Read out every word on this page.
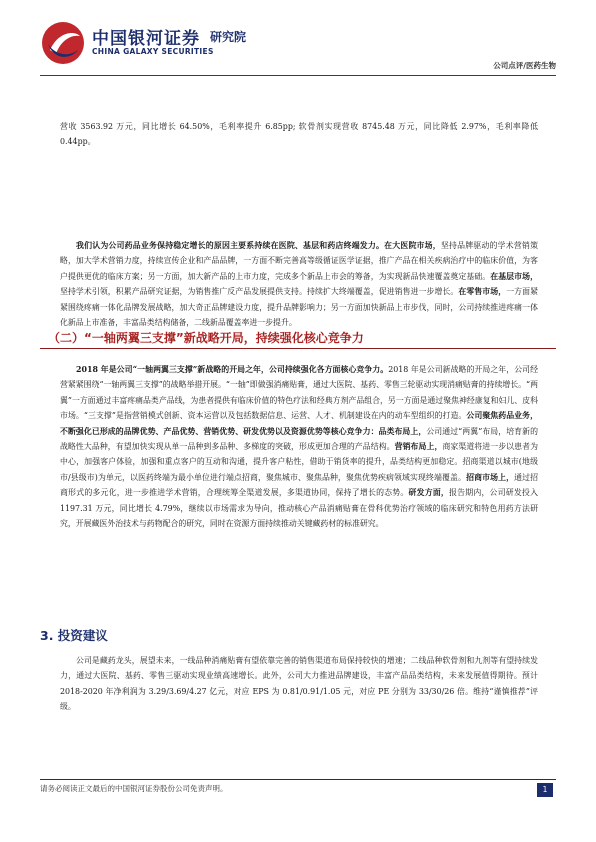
中国银河证券 研究院
CHINA GALAXY SECURITIES
公司点评/医药生物

营收 3563.92 万元，同比增长 64.50%，毛利率提升 6.85pp; 软骨剂实现营收 8745.48 万元，同比降低 2.97%，毛利率降低 0.44pp。

我们认为公司药品业务保持稳定增长的原因主要系持续在医院、基层和药店终端发力。在大医院市场，坚持品牌驱动的学术营销策略，加大学术营销力度，持续宣传企业和产品品牌，一方面不断完善高等级循证医学证据，推广产品在相关疾病治疗中的临床价值，为客户提供更优的临床方案；另一方面，加大新产品的上市力度，完成多个新品上市会的筹备，为实现新品快速覆盖奠定基础。在基层市场，坚持学术引领，积累产品研究证据，为销售推广反产品发展提供支持。持续扩大终端覆盖，促进销售进一步增长。在零售市场，一方面紧紧围绕疼痛一体化品牌发展战略，加大奇正品牌建设力度，提升品牌影响力；另一方面加快新品上市步伐，同时，公司持续推进疼痛一体化新品上市准备，丰富品类结构储备，二线新品覆盖率进一步提升。

2018 年是公司“一轴两翼三支撑”新战略的开局之年，公司持续强化各方面核心竞争力。2018 年是公司新战略的开局之年，公司经营紧紧围绕“一轴两翼三支撑”的战略举措开展。“一轴”即做强消痛贴膏，通过大医院、基药、零售三轮驱动实现消痛贴膏的持续增长。“两翼”一方面通过丰富疼痛品类产品线，为患者提供有临床价值的特色疗法和经典方剂产品组合，另一方面是通过聚焦神经康复和妇儿、皮科市场。“三支撑”是指营销模式创新、资本运营以及包括数据信息、运营、人才、机制建设在内的动车型组织的打造。公司聚焦药品业务，不断强化已形成的品牌优势、产品优势、营销优势、研发优势以及资源优势等核心竞争力：品类布局上，公司通过“两翼”布局，培育新的战略性大品种，有望加快实现从单一品种到多品种、多梯度的突破，形成更加合理的产品结构。营销布局上，商家渠道将进一步以患者为中心，加强客户体验，加强和重点客户的互动和沟通，提升客户粘性，借助于销货率的提升，品类结构更加稳定。招商渠道以城市(地级市/县级市)为单元，以医药终端为最小单位进行端点招商，聚焦城市、聚焦品种，聚焦优势疾病领域实现终端覆盖。招商市场上，通过招商形式的多元化，进一步推进学术营销，合理统筹全渠道发展，多渠道协同，保持了增长的态势。研发方面，报告期内，公司研发投入 1197.31 万元，同比增长 4.79%，继续以市场需求为导向，推动核心产品消痛贴膏在骨科优势治疗领域的临床研究和特色用药方法研究，开展藏医外治技术与药物配合的研究，同时在资源方面持续推动关键藏药材的标准研究。

公司是藏药龙头，展望未来，一线品种消痛贴膏有望依靠完善的销售渠道布局保持较快的增速；二线品种软骨剂和九剂等有望持续发力，通过大医院、基药、零售三驱动实现业绩高速增长。此外，公司大力推进品牌建设，丰富产品品类结构，未来发展值得期待。预计 2018-2020 年净利润为 3.29/3.69/4.27 亿元，对应 EPS 为 0.81/0.91/1.05 元，对应 PE 分别为 33/30/26 倍。维持“谨慎推荐”评级。

（二）“一轴两翼三支撑”新战略开局，持续强化核心竞争力
3. 投资建议
请务必阅读正文最后的中国银河证券股份公司免责声明。	1
